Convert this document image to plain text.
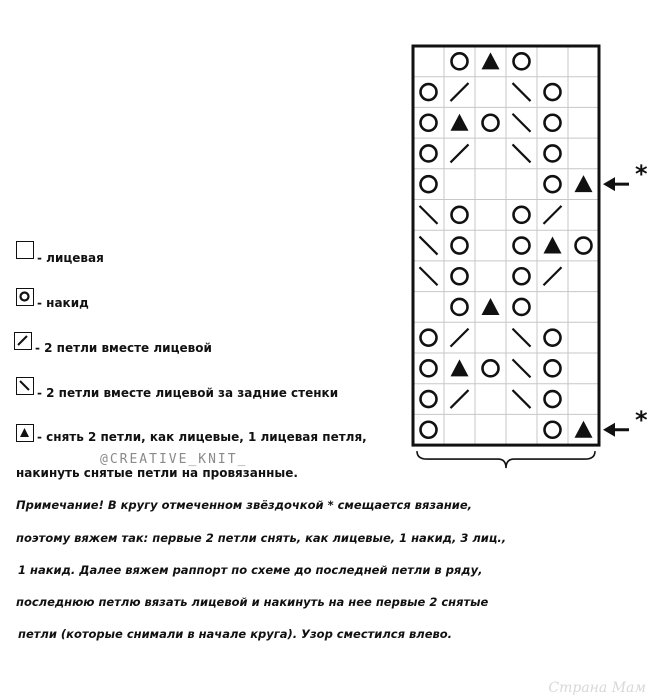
*
*
- лицевая
- накид
- 2 петли вместе лицевой
- 2 петли вместе лицевой за задние стенки
- снять 2 петли, как лицевые, 1 лицевая петля,
накинуть снятые петли на провязанные.
@CREATIVE_KNIT_
Примечание! В кругу отмеченном звёздочкой * смещается вязание,
поэтому вяжем так: первые 2 петли снять, как лицевые, 1 накид, 3 лиц.,
1 накид. Далее вяжем раппорт по схеме до последней петли в ряду,
последнюю петлю вязать лицевой и накинуть на нее первые 2 снятые
петли (которые снимали в начале круга). Узор сместился влево.
Страна Мам
